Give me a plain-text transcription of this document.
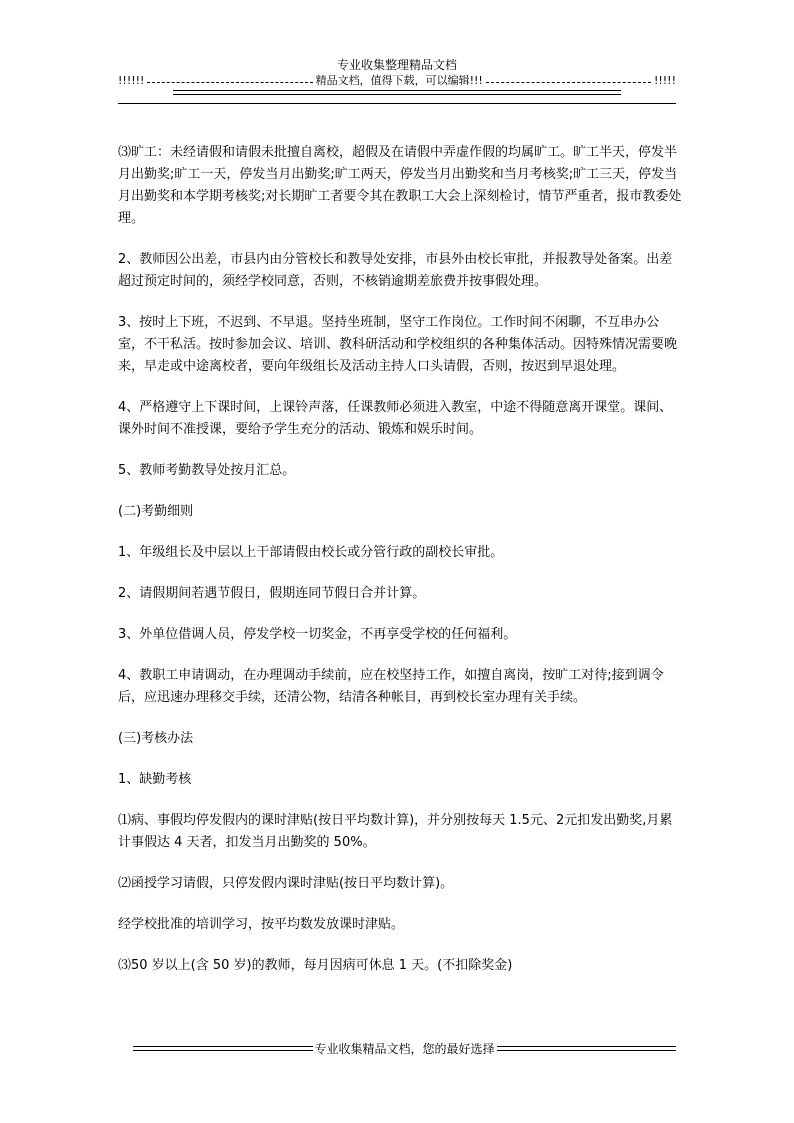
专业收集整理精品文档
!!!!!!	精品文档，值得下载，可以编辑!!!	!!!!!

⑶旷工：未经请假和请假未批擅自离校，超假及在请假中弄虚作假的均属旷工。旷工半天，停发半月出勤奖;旷工一天，停发当月出勤奖;旷工两天，停发当月出勤奖和当月考核奖;旷工三天，停发当月出勤奖和本学期考核奖;对长期旷工者要令其在教职工大会上深刻检讨，情节严重者，报市教委处理。

2、教师因公出差，市县内由分管校长和教导处安排，市县外由校长审批，并报教导处备案。出差超过预定时间的，须经学校同意，否则，不核销逾期差旅费并按事假处理。

3、按时上下班，不迟到、不早退。坚持坐班制，坚守工作岗位。工作时间不闲聊，不互串办公室，不干私活。按时参加会议、培训、教科研活动和学校组织的各种集体活动。因特殊情况需要晚来，早走或中途离校者，要向年级组长及活动主持人口头请假，否则，按迟到早退处理。

4、严格遵守上下课时间，上课铃声落，任课教师必须进入教室，中途不得随意离开课堂。课间、课外时间不准授课，要给予学生充分的活动、锻炼和娱乐时间。

5、教师考勤教导处按月汇总。

(二)考勤细则

1、年级组长及中层以上干部请假由校长或分管行政的副校长审批。

2、请假期间若遇节假日，假期连同节假日合并计算。

3、外单位借调人员，停发学校一切奖金，不再享受学校的任何福利。

4、教职工申请调动，在办理调动手续前，应在校坚持工作，如擅自离岗，按旷工对待;接到调令后，应迅速办理移交手续，还清公物，结清各种帐目，再到校长室办理有关手续。

(三)考核办法

1、缺勤考核

⑴病、事假均停发假内的课时津贴(按日平均数计算)，并分别按每天 1.5元、2元扣发出勤奖,月累计事假达 4 天者，扣发当月出勤奖的 50%。

⑵函授学习请假，只停发假内课时津贴(按日平均数计算)。

经学校批准的培训学习，按平均数发放课时津贴。

⑶50 岁以上(含 50 岁)的教师，每月因病可休息 1 天。(不扣除奖金)

专业收集精品文档，您的最好选择
